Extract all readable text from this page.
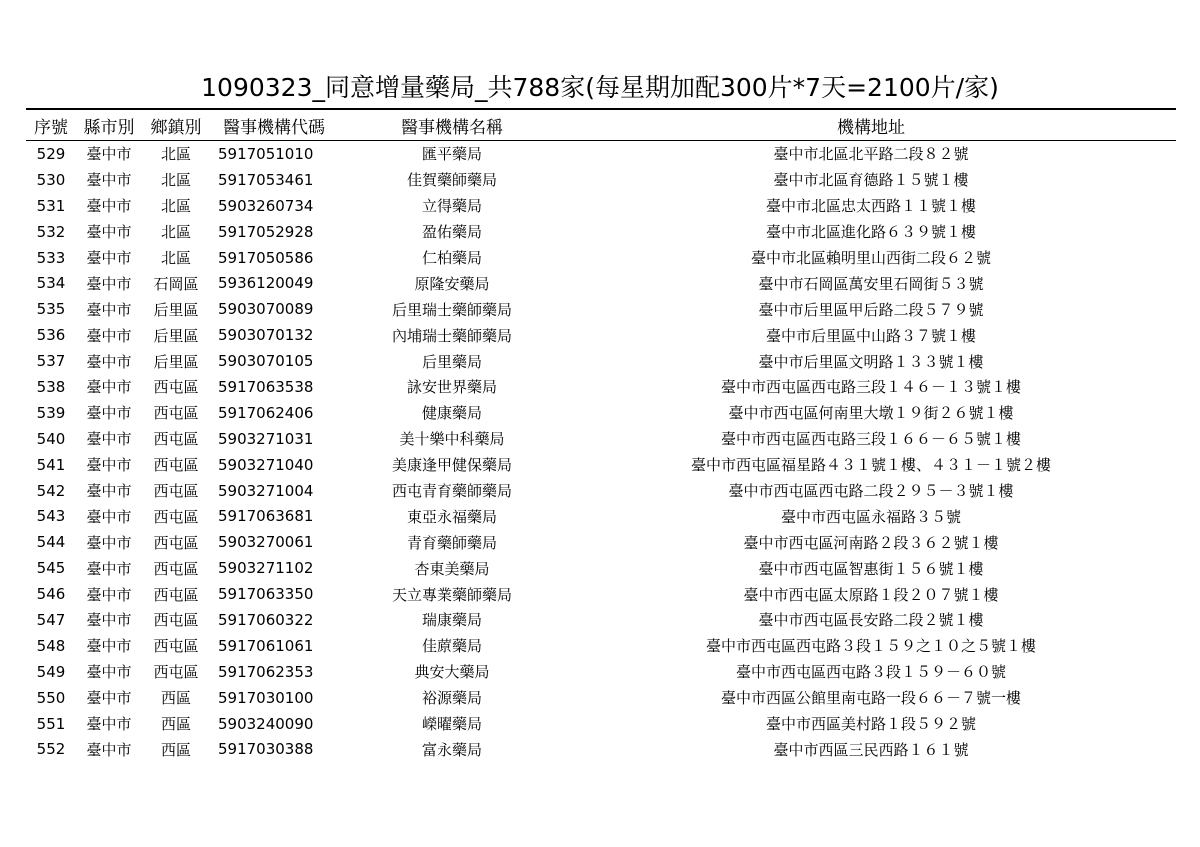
1090323_同意增量藥局_共788家(每星期加配300片*7天=2100片/家)
序號	縣市別	鄉鎮別	醫事機構代碼	醫事機構名稱	機構地址
529	臺中市	北區	5917051010	匯平藥局	臺中市北區北平路二段８２號
530	臺中市	北區	5917053461	佳賀藥師藥局	臺中市北區育德路１５號１樓
531	臺中市	北區	5903260734	立得藥局	臺中市北區忠太西路１１號１樓
532	臺中市	北區	5917052928	盈佑藥局	臺中市北區進化路６３９號１樓
533	臺中市	北區	5917050586	仁柏藥局	臺中市北區賴明里山西街二段６２號
534	臺中市	石岡區	5936120049	原隆安藥局	臺中市石岡區萬安里石岡街５３號
535	臺中市	后里區	5903070089	后里瑞士藥師藥局	臺中市后里區甲后路二段５７９號
536	臺中市	后里區	5903070132	內埔瑞士藥師藥局	臺中市后里區中山路３７號１樓
537	臺中市	后里區	5903070105	后里藥局	臺中市后里區文明路１３３號１樓
538	臺中市	西屯區	5917063538	詠安世界藥局	臺中市西屯區西屯路三段１４６－１３號１樓
539	臺中市	西屯區	5917062406	健康藥局	臺中市西屯區何南里大墩１９街２６號１樓
540	臺中市	西屯區	5903271031	美十樂中科藥局	臺中市西屯區西屯路三段１６６－６５號１樓
541	臺中市	西屯區	5903271040	美康逢甲健保藥局	臺中市西屯區福星路４３１號１樓、４３１－１號２樓
542	臺中市	西屯區	5903271004	西屯青育藥師藥局	臺中市西屯區西屯路二段２９５－３號１樓
543	臺中市	西屯區	5917063681	東亞永福藥局	臺中市西屯區永福路３５號
544	臺中市	西屯區	5903270061	青育藥師藥局	臺中市西屯區河南路２段３６２號１樓
545	臺中市	西屯區	5903271102	杏東美藥局	臺中市西屯區智惠街１５６號１樓
546	臺中市	西屯區	5917063350	天立專業藥師藥局	臺中市西屯區太原路１段２０７號１樓
547	臺中市	西屯區	5917060322	瑞康藥局	臺中市西屯區長安路二段２號１樓
548	臺中市	西屯區	5917061061	佳蒝藥局	臺中市西屯區西屯路３段１５９之１０之５號１樓
549	臺中市	西屯區	5917062353	典安大藥局	臺中市西屯區西屯路３段１５９－６０號
550	臺中市	西區	5917030100	裕源藥局	臺中市西區公館里南屯路一段６６－７號一樓
551	臺中市	西區	5903240090	嶸曜藥局	臺中市西區美村路１段５９２號
552	臺中市	西區	5917030388	富永藥局	臺中市西區三民西路１６１號
